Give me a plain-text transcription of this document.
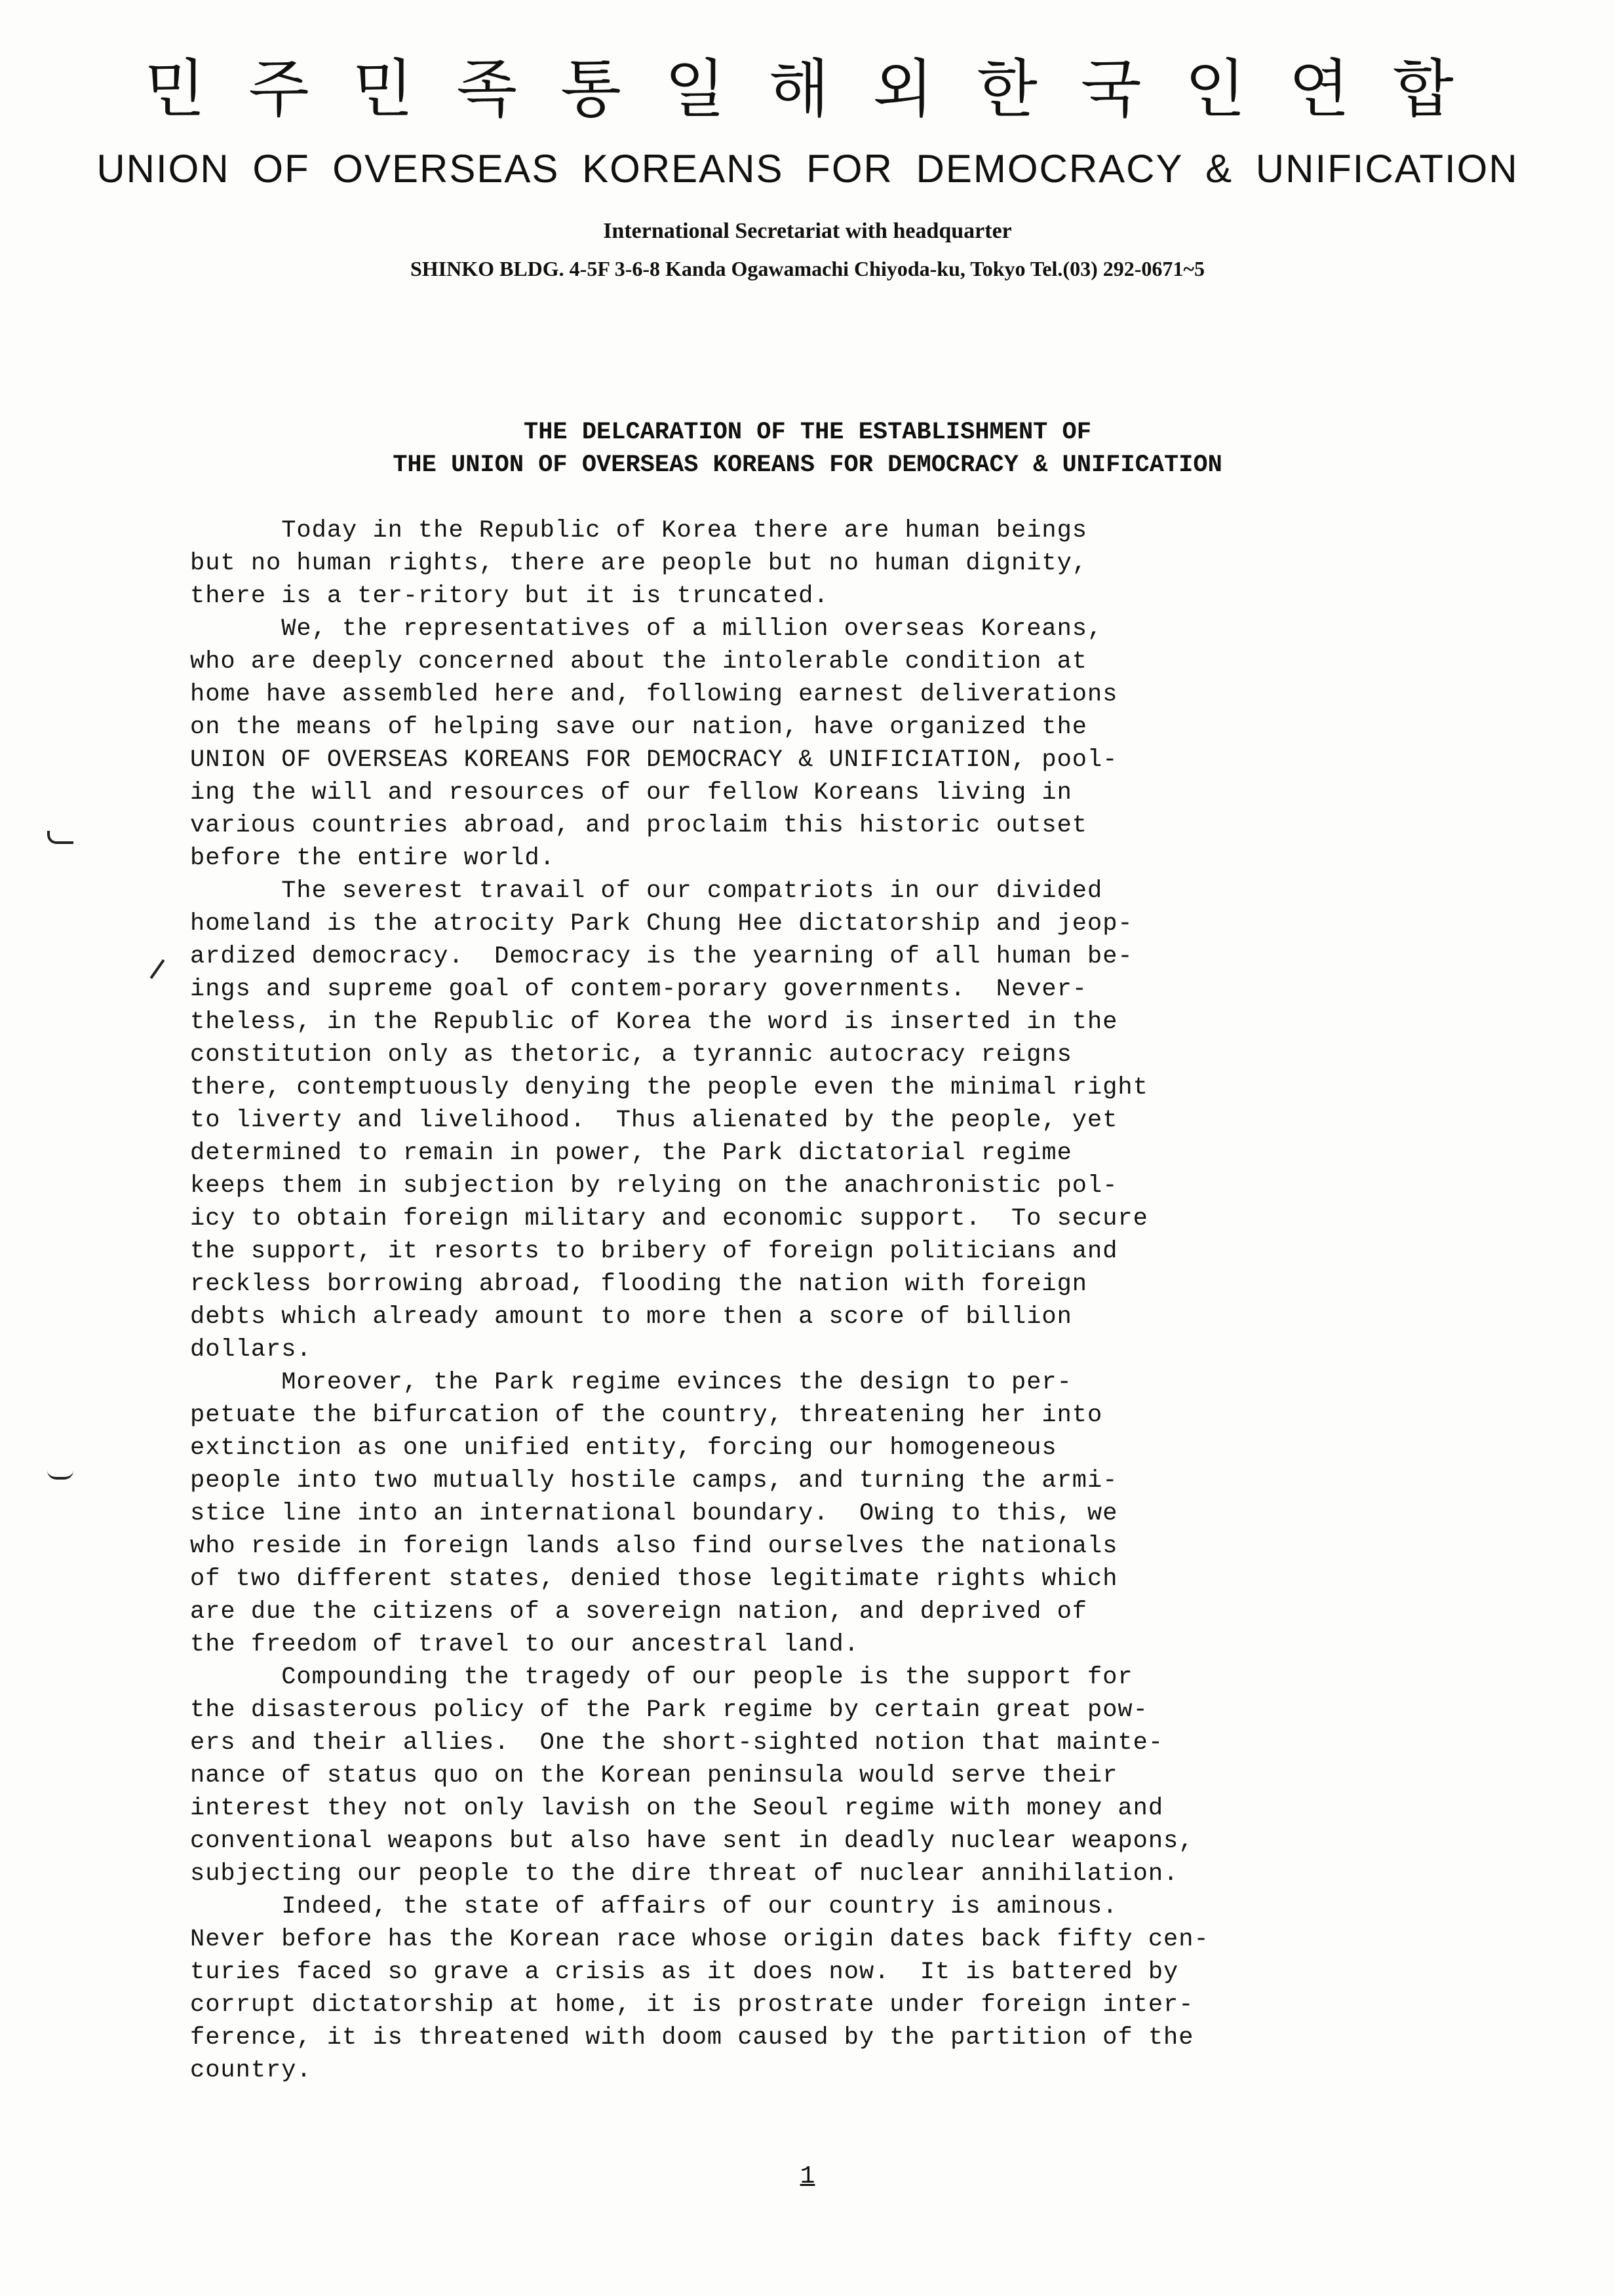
민주민족통일해외한국인연합
UNION OF OVERSEAS KOREANS FOR DEMOCRACY & UNIFICATION
International Secretariat with headquarter
SHINKO BLDG. 4-5F 3-6-8 Kanda Ogawamachi Chiyoda-ku, Tokyo Tel.(03) 292-0671~5
THE DELCARATION OF THE ESTABLISHMENT OF
THE UNION OF OVERSEAS KOREANS FOR DEMOCRACY & UNIFICATION
Today in the Republic of Korea there are human beings
but no human rights, there are people but no human dignity,
there is a ter-ritory but it is truncated.
We, the representatives of a million overseas Koreans,
who are deeply concerned about the intolerable condition at
home have assembled here and, following earnest deliverations
on the means of helping save our nation, have organized the
UNION OF OVERSEAS KOREANS FOR DEMOCRACY & UNIFICIATION, pool-
ing the will and resources of our fellow Koreans living in
various countries abroad, and proclaim this historic outset
before the entire world.
The severest travail of our compatriots in our divided
homeland is the atrocity Park Chung Hee dictatorship and jeop-
ardized democracy.  Democracy is the yearning of all human be-
ings and supreme goal of contem-porary governments.  Never-
theless, in the Republic of Korea the word is inserted in the
constitution only as thetoric, a tyrannic autocracy reigns
there, contemptuously denying the people even the minimal right
to liverty and livelihood.  Thus alienated by the people, yet
determined to remain in power, the Park dictatorial regime
keeps them in subjection by relying on the anachronistic pol-
icy to obtain foreign military and economic support.  To secure
the support, it resorts to bribery of foreign politicians and
reckless borrowing abroad, flooding the nation with foreign
debts which already amount to more then a score of billion
dollars.
Moreover, the Park regime evinces the design to per-
petuate the bifurcation of the country, threatening her into
extinction as one unified entity, forcing our homogeneous
people into two mutually hostile camps, and turning the armi-
stice line into an international boundary.  Owing to this, we
who reside in foreign lands also find ourselves the nationals
of two different states, denied those legitimate rights which
are due the citizens of a sovereign nation, and deprived of
the freedom of travel to our ancestral land.
Compounding the tragedy of our people is the support for
the disasterous policy of the Park regime by certain great pow-
ers and their allies.  One the short-sighted notion that mainte-
nance of status quo on the Korean peninsula would serve their
interest they not only lavish on the Seoul regime with money and
conventional weapons but also have sent in deadly nuclear weapons,
subjecting our people to the dire threat of nuclear annihilation.
Indeed, the state of affairs of our country is aminous.
Never before has the Korean race whose origin dates back fifty cen-
turies faced so grave a crisis as it does now.  It is battered by
corrupt dictatorship at home, it is prostrate under foreign inter-
ference, it is threatened with doom caused by the partition of the
country.
1
